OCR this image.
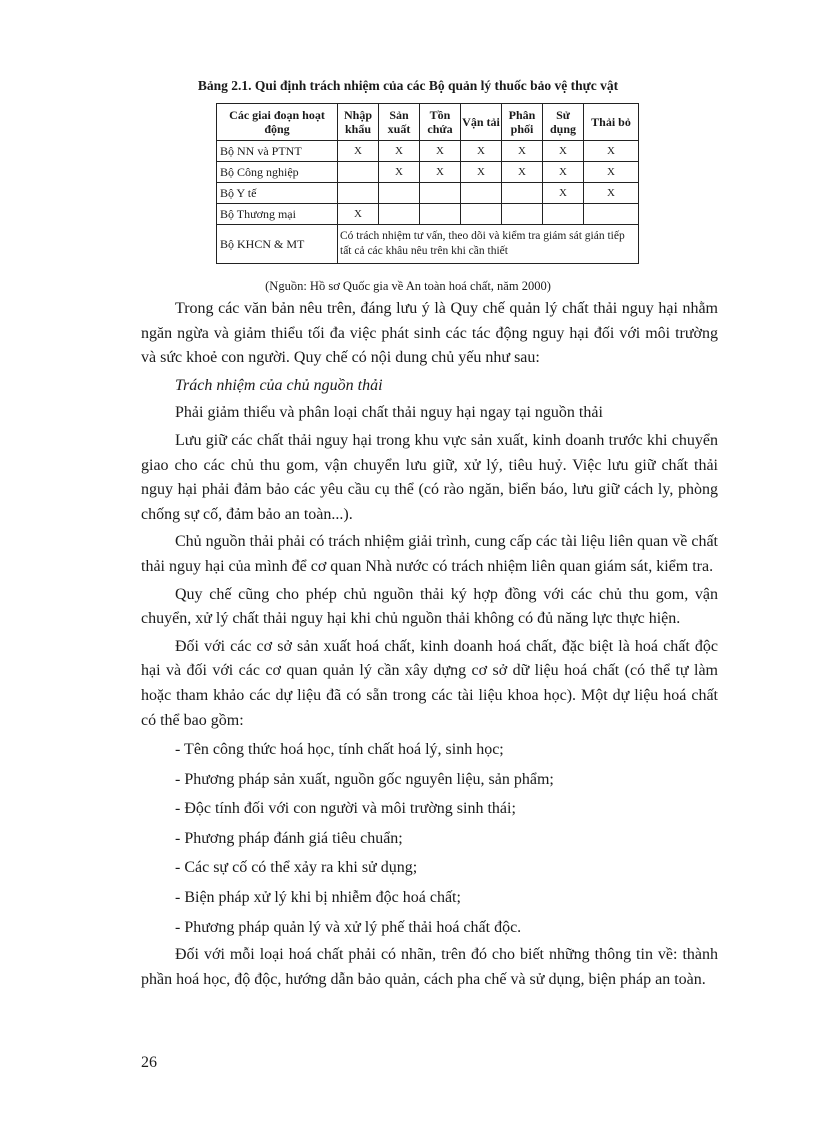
Bảng 2.1. Qui định trách nhiệm của các Bộ quản lý thuốc bảo vệ thực vật
Các giai đoạn hoạt động	Nhập khẩu	Sản xuất	Tồn chứa	Vận tải	Phân phối	Sử dụng	Thải bỏ
Bộ NN và PTNT	X	X	X	X	X	X	X
Bộ Công nghiệp		X	X	X	X	X	X
Bộ Y tế						X	X
Bộ Thương mại	X						
Bộ KHCN & MT	Có trách nhiệm tư vấn, theo dõi và kiểm tra giám sát gián tiếp tất cả các khâu nêu trên khi cần thiết						
(Nguồn: Hồ sơ Quốc gia về An toàn hoá chất, năm 2000)

Trong các văn bản nêu trên, đáng lưu ý là Quy chế quản lý chất thải nguy hại nhằm ngăn ngừa và giảm thiểu tối đa việc phát sinh các tác động nguy hại đối với môi trường và sức khoẻ con người. Quy chế có nội dung chủ yếu như sau:

Trách nhiệm của chủ nguồn thải

Phải giảm thiểu và phân loại chất thải nguy hại ngay tại nguồn thải

Lưu giữ các chất thải nguy hại trong khu vực sản xuất, kinh doanh trước khi chuyển giao cho các chủ thu gom, vận chuyển lưu giữ, xử lý, tiêu huỷ. Việc lưu giữ chất thải nguy hại phải đảm bảo các yêu cầu cụ thể (có rào ngăn, biển báo, lưu giữ cách ly, phòng chống sự cố, đảm bảo an toàn...).

Chủ nguồn thải phải có trách nhiệm giải trình, cung cấp các tài liệu liên quan về chất thải nguy hại của mình để cơ quan Nhà nước có trách nhiệm liên quan giám sát, kiểm tra.

Quy chế cũng cho phép chủ nguồn thải ký hợp đồng với các chủ thu gom, vận chuyển, xử lý chất thải nguy hại khi chủ nguồn thải không có đủ năng lực thực hiện.

Đối với các cơ sở sản xuất hoá chất, kinh doanh hoá chất, đặc biệt là hoá chất độc hại và đối với các cơ quan quản lý cần xây dựng cơ sở dữ liệu hoá chất (có thể tự làm hoặc tham khảo các dự liệu đã có sẵn trong các tài liệu khoa học). Một dự liệu hoá chất có thể bao gồm:

- Tên công thức hoá học, tính chất hoá lý, sinh học;

- Phương pháp sản xuất, nguồn gốc nguyên liệu, sản phẩm;

- Độc tính đối với con người và môi trường sinh thái;

- Phương pháp đánh giá tiêu chuẩn;

- Các sự cố có thể xảy ra khi sử dụng;

- Biện pháp xử lý khi bị nhiễm độc hoá chất;

- Phương pháp quản lý và xử lý phế thải hoá chất độc.

Đối với mỗi loại hoá chất phải có nhãn, trên đó cho biết những thông tin về: thành phần hoá học, độ độc, hướng dẫn bảo quản, cách pha chế và sử dụng, biện pháp an toàn.

26
